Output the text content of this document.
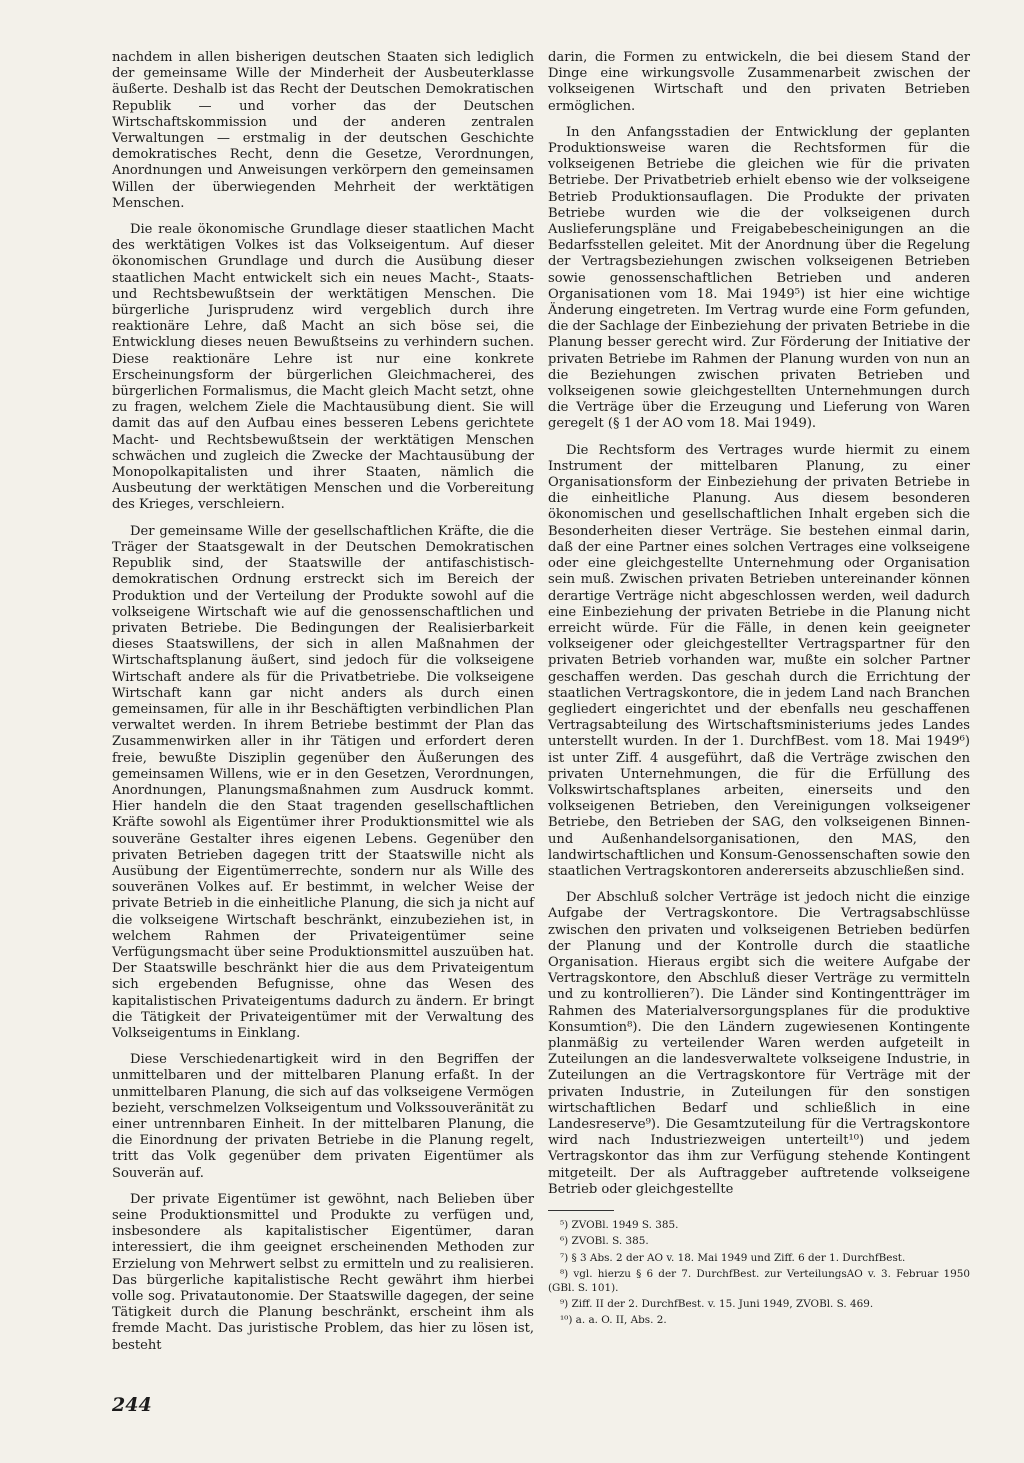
nachdem in allen bisherigen deutschen Staaten sich lediglich der gemeinsame Wille der Minderheit der Ausbeuterklasse äußerte. Deshalb ist das Recht der Deutschen Demokratischen Republik — und vorher das der Deutschen Wirtschaftskommission und der anderen zentralen Verwaltungen — erstmalig in der deutschen Geschichte demokratisches Recht, denn die Gesetze, Verordnungen, Anordnungen und Anweisungen verkörpern den gemeinsamen Willen der überwiegenden Mehrheit der werktätigen Menschen.

Die reale ökonomische Grundlage dieser staatlichen Macht des werktätigen Volkes ist das Volkseigentum. Auf dieser ökonomischen Grundlage und durch die Ausübung dieser staatlichen Macht entwickelt sich ein neues Macht-, Staats- und Rechtsbewußtsein der werktätigen Menschen. Die bürgerliche Jurisprudenz wird vergeblich durch ihre reaktionäre Lehre, daß Macht an sich böse sei, die Entwicklung dieses neuen Bewußtseins zu verhindern suchen. Diese reaktionäre Lehre ist nur eine konkrete Erscheinungsform der bürgerlichen Gleichmacherei, des bürgerlichen Formalismus, die Macht gleich Macht setzt, ohne zu fragen, welchem Ziele die Machtausübung dient. Sie will damit das auf den Aufbau eines besseren Lebens gerichtete Macht- und Rechtsbewußtsein der werktätigen Menschen schwächen und zugleich die Zwecke der Machtausübung der Monopolkapitalisten und ihrer Staaten, nämlich die Ausbeutung der werktätigen Menschen und die Vorbereitung des Krieges, verschleiern.

Der gemeinsame Wille der gesellschaftlichen Kräfte, die die Träger der Staatsgewalt in der Deutschen Demokratischen Republik sind, der Staatswille der antifaschistisch-demokratischen Ordnung erstreckt sich im Bereich der Produktion und der Verteilung der Produkte sowohl auf die volkseigene Wirtschaft wie auf die genossenschaftlichen und privaten Betriebe. Die Bedingungen der Realisierbarkeit dieses Staatswillens, der sich in allen Maßnahmen der Wirtschaftsplanung äußert, sind jedoch für die volkseigene Wirtschaft andere als für die Privatbetriebe. Die volkseigene Wirtschaft kann gar nicht anders als durch einen gemeinsamen, für alle in ihr Beschäftigten verbindlichen Plan verwaltet werden. In ihrem Betriebe bestimmt der Plan das Zusammenwirken aller in ihr Tätigen und erfordert deren freie, bewußte Disziplin gegenüber den Äußerungen des gemeinsamen Willens, wie er in den Gesetzen, Verordnungen, Anordnungen, Planungsmaßnahmen zum Ausdruck kommt. Hier handeln die den Staat tragenden gesellschaftlichen Kräfte sowohl als Eigentümer ihrer Produktionsmittel wie als souveräne Gestalter ihres eigenen Lebens. Gegenüber den privaten Betrieben dagegen tritt der Staatswille nicht als Ausübung der Eigentümerrechte, sondern nur als Wille des souveränen Volkes auf. Er bestimmt, in welcher Weise der private Betrieb in die einheitliche Planung, die sich ja nicht auf die volkseigene Wirtschaft beschränkt, einzubeziehen ist, in welchem Rahmen der Privateigentümer seine Verfügungsmacht über seine Produktionsmittel auszuüben hat. Der Staatswille beschränkt hier die aus dem Privateigentum sich ergebenden Befugnisse, ohne das Wesen des kapitalistischen Privateigentums dadurch zu ändern. Er bringt die Tätigkeit der Privateigentümer mit der Verwaltung des Volkseigentums in Einklang.

Diese Verschiedenartigkeit wird in den Begriffen der unmittelbaren und der mittelbaren Planung erfaßt. In der unmittelbaren Planung, die sich auf das volkseigene Vermögen bezieht, verschmelzen Volkseigentum und Volkssouveränität zu einer untrennbaren Einheit. In der mittelbaren Planung, die die Einordnung der privaten Betriebe in die Planung regelt, tritt das Volk gegenüber dem privaten Eigentümer als Souverän auf.

Der private Eigentümer ist gewöhnt, nach Belieben über seine Produktionsmittel und Produkte zu verfügen und, insbesondere als kapitalistischer Eigentümer, daran interessiert, die ihm geeignet erscheinenden Methoden zur Erzielung von Mehrwert selbst zu ermitteln und zu realisieren. Das bürgerliche kapitalistische Recht gewährt ihm hierbei volle sog. Privatautonomie. Der Staatswille dagegen, der seine Tätigkeit durch die Planung beschränkt, erscheint ihm als fremde Macht. Das juristische Problem, das hier zu lösen ist, besteht

darin, die Formen zu entwickeln, die bei diesem Stand der Dinge eine wirkungsvolle Zusammenarbeit zwischen der volkseigenen Wirtschaft und den privaten Betrieben ermöglichen.

In den Anfangsstadien der Entwicklung der geplanten Produktionsweise waren die Rechtsformen für die volkseigenen Betriebe die gleichen wie für die privaten Betriebe. Der Privatbetrieb erhielt ebenso wie der volkseigene Betrieb Produktionsauflagen. Die Produkte der privaten Betriebe wurden wie die der volkseigenen durch Auslieferungspläne und Freigabebescheinigungen an die Bedarfsstellen geleitet. Mit der Anordnung über die Regelung der Vertragsbeziehungen zwischen volkseigenen Betrieben sowie genossenschaftlichen Betrieben und anderen Organisationen vom 18. Mai 1949⁵) ist hier eine wichtige Änderung eingetreten. Im Vertrag wurde eine Form gefunden, die der Sachlage der Einbeziehung der privaten Betriebe in die Planung besser gerecht wird. Zur Förderung der Initiative der privaten Betriebe im Rahmen der Planung wurden von nun an die Beziehungen zwischen privaten Betrieben und volkseigenen sowie gleichgestellten Unternehmungen durch die Verträge über die Erzeugung und Lieferung von Waren geregelt (§ 1 der AO vom 18. Mai 1949).

Die Rechtsform des Vertrages wurde hiermit zu einem Instrument der mittelbaren Planung, zu einer Organisationsform der Einbeziehung der privaten Betriebe in die einheitliche Planung. Aus diesem besonderen ökonomischen und gesellschaftlichen Inhalt ergeben sich die Besonderheiten dieser Verträge. Sie bestehen einmal darin, daß der eine Partner eines solchen Vertrages eine volkseigene oder eine gleichgestellte Unternehmung oder Organisation sein muß. Zwischen privaten Betrieben untereinander können derartige Verträge nicht abgeschlossen werden, weil dadurch eine Einbeziehung der privaten Betriebe in die Planung nicht erreicht würde. Für die Fälle, in denen kein geeigneter volkseigener oder gleichgestellter Vertragspartner für den privaten Betrieb vorhanden war, mußte ein solcher Partner geschaffen werden. Das geschah durch die Errichtung der staatlichen Vertragskontore, die in jedem Land nach Branchen gegliedert eingerichtet und der ebenfalls neu geschaffenen Vertragsabteilung des Wirtschaftsministeriums jedes Landes unterstellt wurden. In der 1. DurchfBest. vom 18. Mai 1949⁶) ist unter Ziff. 4 ausgeführt, daß die Verträge zwischen den privaten Unternehmungen, die für die Erfüllung des Volkswirtschaftsplanes arbeiten, einerseits und den volkseigenen Betrieben, den Vereinigungen volkseigener Betriebe, den Betrieben der SAG, den volkseigenen Binnen- und Außenhandelsorganisationen, den MAS, den landwirtschaftlichen und Konsum-Genossenschaften sowie den staatlichen Vertragskontoren andererseits abzuschließen sind.

Der Abschluß solcher Verträge ist jedoch nicht die einzige Aufgabe der Vertragskontore. Die Vertragsabschlüsse zwischen den privaten und volkseigenen Betrieben bedürfen der Planung und der Kontrolle durch die staatliche Organisation. Hieraus ergibt sich die weitere Aufgabe der Vertragskontore, den Abschluß dieser Verträge zu vermitteln und zu kontrollieren⁷). Die Länder sind Kontingentträger im Rahmen des Materialversorgungsplanes für die produktive Konsumtion⁸). Die den Ländern zugewiesenen Kontingente planmäßig zu verteilender Waren werden aufgeteilt in Zuteilungen an die landesverwaltete volkseigene Industrie, in Zuteilungen an die Vertragskontore für Verträge mit der privaten Industrie, in Zuteilungen für den sonstigen wirtschaftlichen Bedarf und schließlich in eine Landesreserve⁹). Die Gesamtzuteilung für die Vertragskontore wird nach Industriezweigen unterteilt¹⁰) und jedem Vertragskontor das ihm zur Verfügung stehende Kontingent mitgeteilt. Der als Auftraggeber auftretende volkseigene Betrieb oder gleichgestellte

⁵) ZVOBl. 1949 S. 385.

⁶) ZVOBl. S. 385.

⁷) § 3 Abs. 2 der AO v. 18. Mai 1949 und Ziff. 6 der 1. DurchfBest.

⁸) vgl. hierzu § 6 der 7. DurchfBest. zur VerteilungsAO v. 3. Februar 1950 (GBl. S. 101).

⁹) Ziff. II der 2. DurchfBest. v. 15. Juni 1949, ZVOBl. S. 469.

¹⁰) a. a. O. II, Abs. 2.

244
